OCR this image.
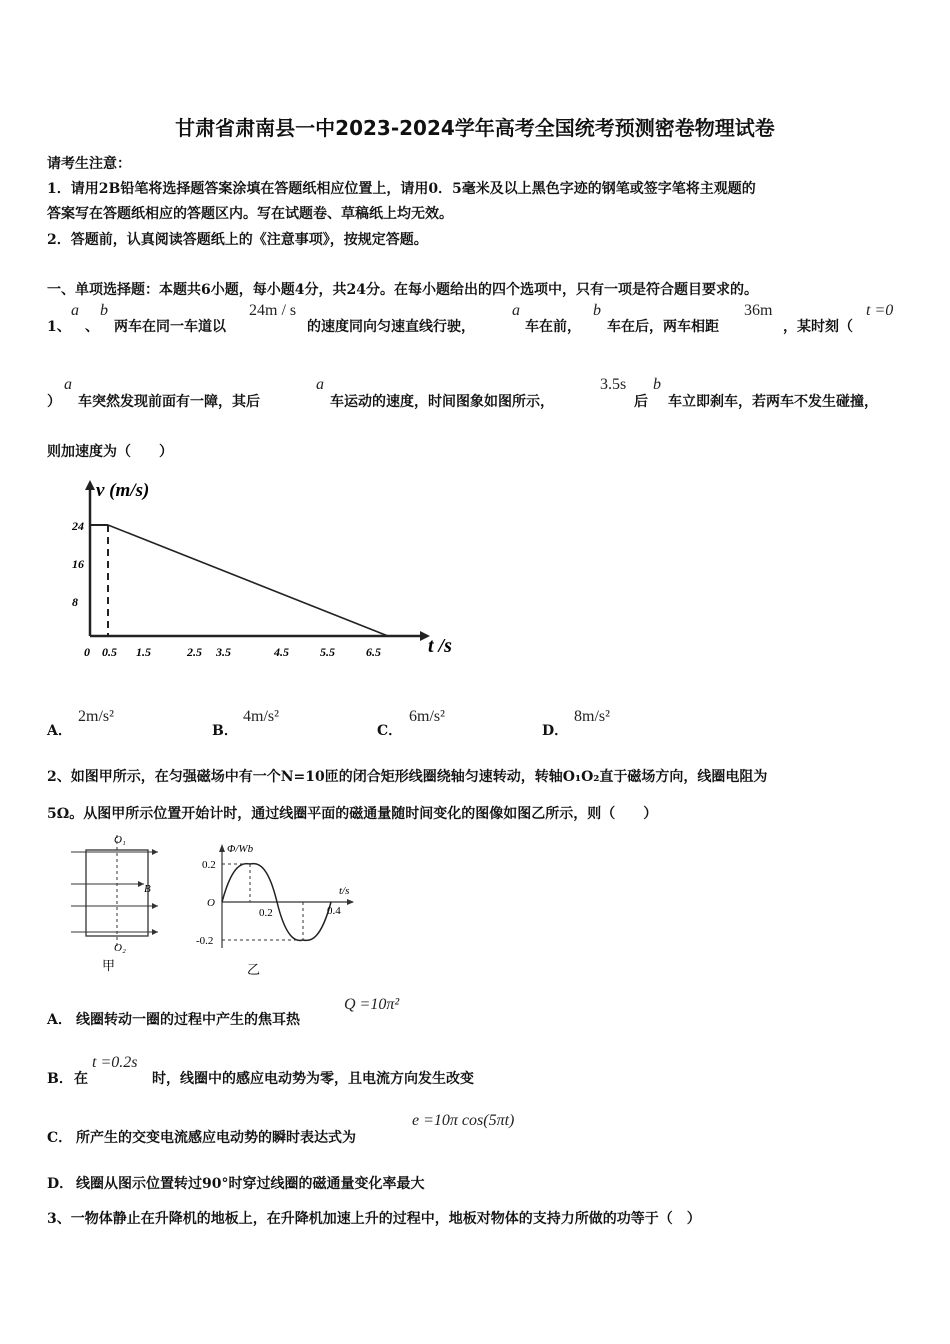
甘肃省肃南县一中2023-2024学年高考全国统考预测密卷物理试卷
请考生注意：
1．请用2B铅笔将选择题答案涂填在答题纸相应位置上，请用0．5毫米及以上黑色字迹的钢笔或签字笔将主观题的
答案写在答题纸相应的答题区内。写在试题卷、草稿纸上均无效。
2．答题前，认真阅读答题纸上的《注意事项》，按规定答题。
一、单项选择题：本题共6小题，每小题4分，共24分。在每小题给出的四个选项中，只有一项是符合题目要求的。
1、
a
、
b
两车在同一车道以
24m / s
的速度同向匀速直线行驶，
a
车在前，
b
车在后，两车相距
36m
，某时刻（
t =0
）
a
车突然发现前面有一障，其后
a
车运动的速度，时间图象如图所示，
3.5s
后
b
车立即刹车，若两车不发生碰撞，
则加速度为（　　）
v (m/s)
t /s
24
16
8
0 0.5 1.5	2.5 3.5	4.5	5.5	6.5
A．
2m/s²
B．
4m/s²
C．
6m/s²
D．
8m/s²
2、如图甲所示，在匀强磁场中有一个N=10匝的闭合矩形线圈绕轴匀速转动，转轴O₁O₂直于磁场方向，线圈电阻为
5Ω。从图甲所示位置开始计时，通过线圈平面的磁通量随时间变化的图像如图乙所示，则（　　）
O₁
O₂
B
甲
Φ/Wb
t/s
0.2
-0.2
O
0.2	0.4
乙
A． 线圈转动一圈的过程中产生的焦耳热
Q =10π²
B． 在
t =0.2s
时，线圈中的感应电动势为零，且电流方向发生改变
C． 所产生的交变电流感应电动势的瞬时表达式为
e =10π cos(5πt)
D． 线圈从图示位置转过90°时穿过线圈的磁通量变化率最大
3、一物体静止在升降机的地板上，在升降机加速上升的过程中，地板对物体的支持力所做的功等于（　）
